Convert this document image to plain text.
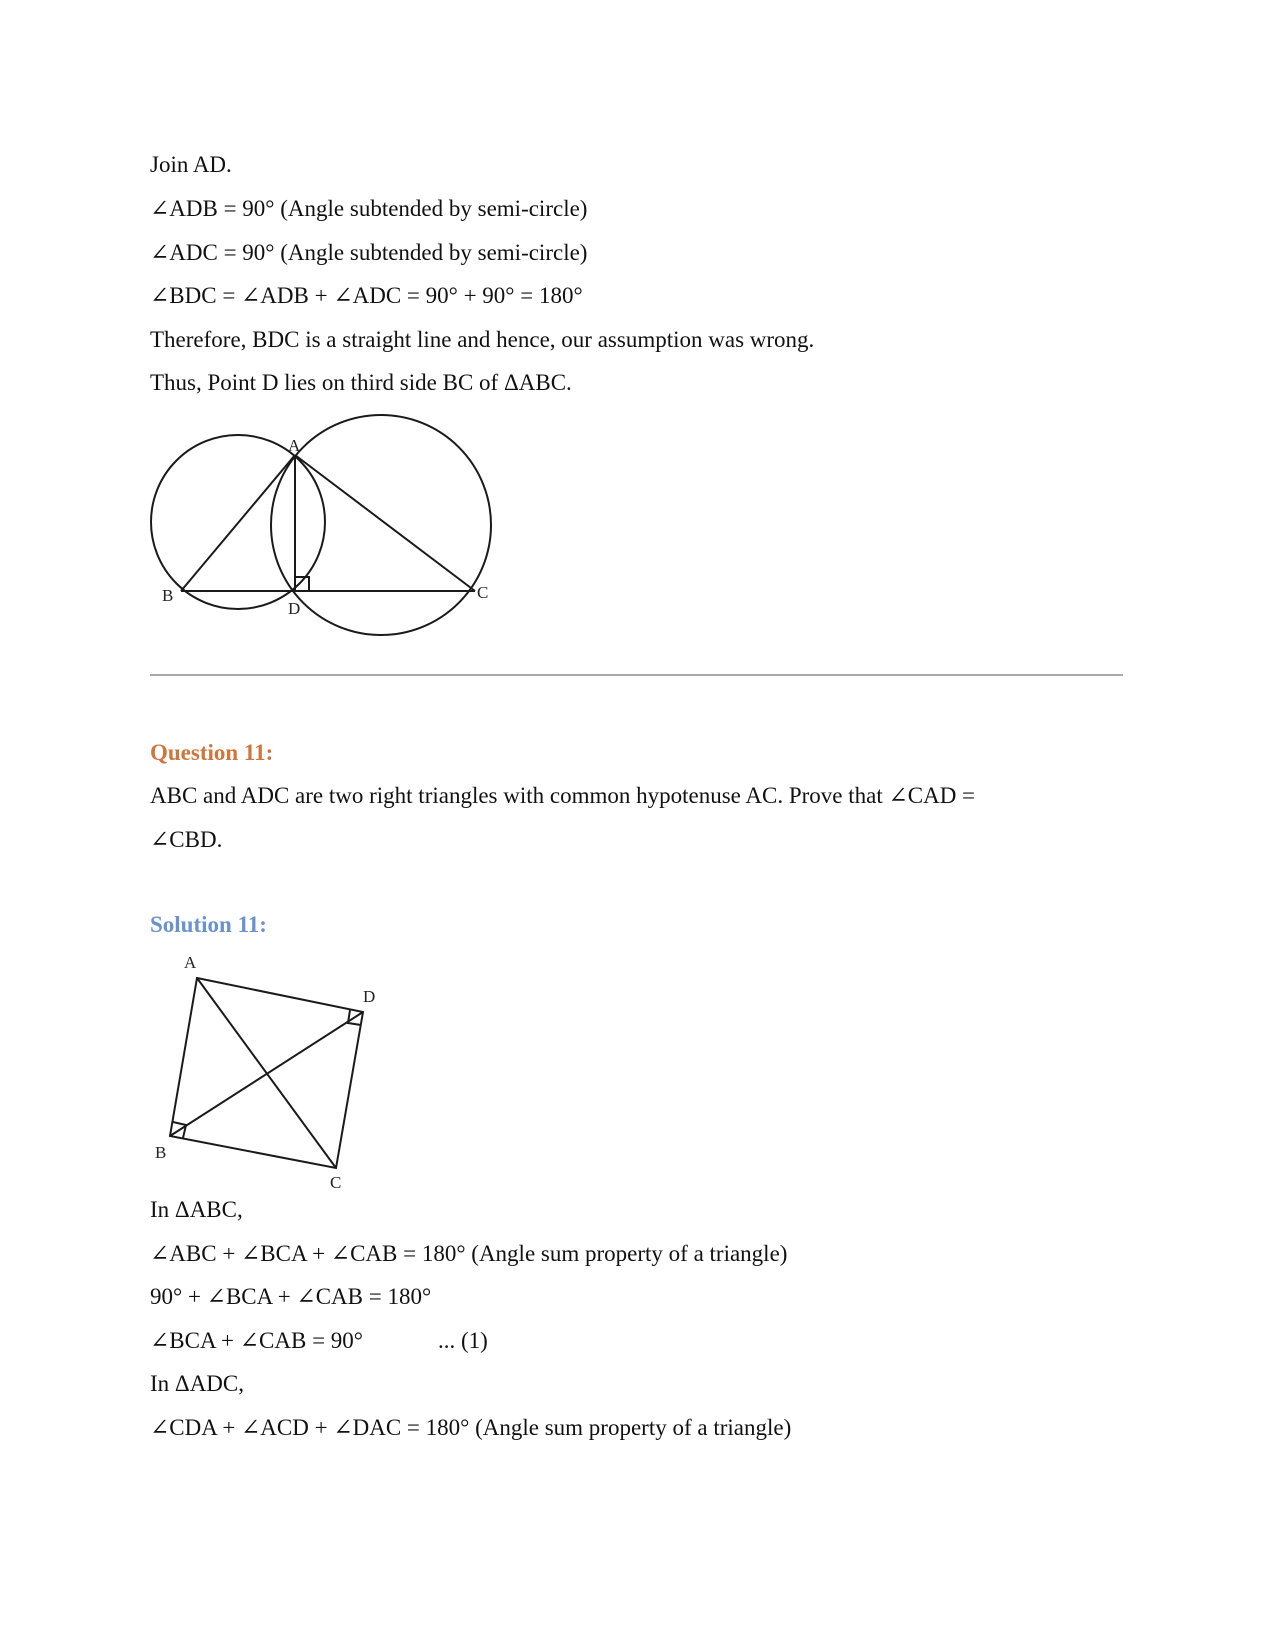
Join AD.
∠ADB = 90° (Angle subtended by semi-circle)
∠ADC = 90° (Angle subtended by semi-circle)
∠BDC = ∠ADB + ∠ADC = 90° + 90° = 180°
Therefore, BDC is a straight line and hence, our assumption was wrong.
Thus, Point D lies on third side BC of ΔABC.
A
B	C
D
Question 11:
ABC and ADC are two right triangles with common hypotenuse AC. Prove that ∠CAD =
∠CBD.
Solution 11:
A
B
C
D
In ΔABC,
∠ABC + ∠BCA + ∠CAB = 180° (Angle sum property of a triangle)
90° + ∠BCA + ∠CAB = 180°
∠BCA + ∠CAB = 90°	... (1)
In ΔADC,
∠CDA + ∠ACD + ∠DAC = 180° (Angle sum property of a triangle)
